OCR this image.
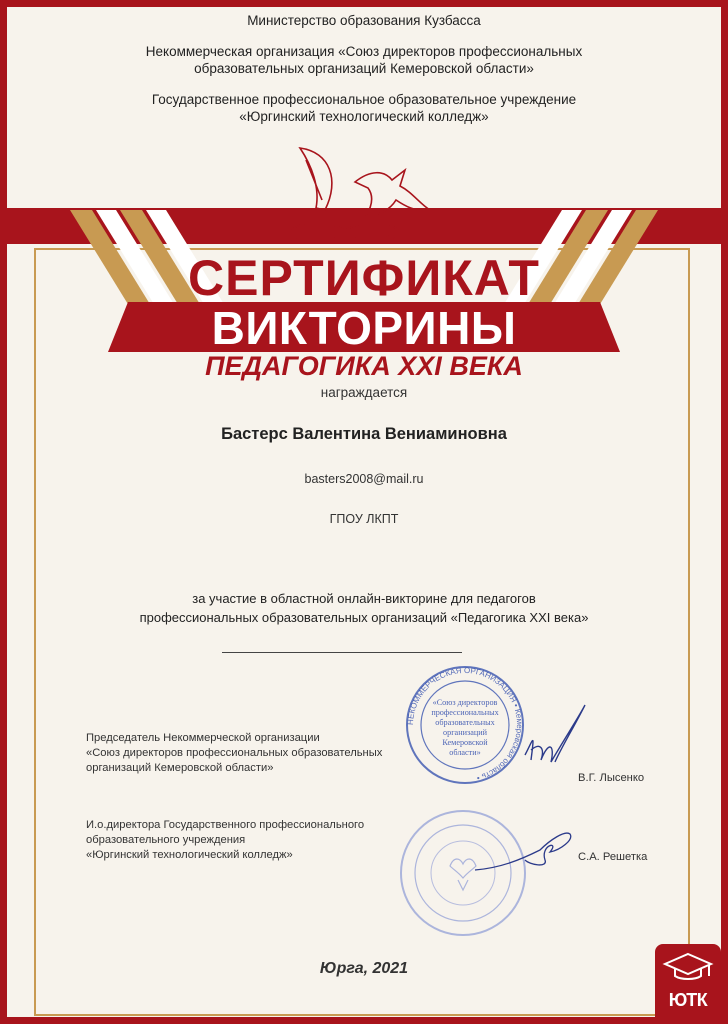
Министерство образования Кузбасса

Некоммерческая организация «Союз директоров профессиональных
образовательных организаций Кемеровской области»

Государственное профессиональное образовательное учреждение
«Юргинский технологический колледж»

СЕРТИФИКАТ
ВИКТОРИНЫ
ПЕДАГОГИКА XXI ВЕКА
награждается
Бастерс Валентина Вениаминовна
basters2008@mail.ru
ГПОУ ЛКПТ
за участие в областной онлайн-викторине для педагогов
профессиональных образовательных организаций «Педагогика XXI века»
НЕКОММЕРЧЕСКАЯ ОРГАНИЗАЦИЯ • Кемеровская область •
«Союз директоров
профессиональных
образовательных
организаций
Кемеровской
области»
Председатель Некоммерческой организации
«Союз директоров профессиональных образовательных
организаций Кемеровской области»
В.Г. Лысенко
И.о.директора Государственного профессионального
образовательного учреждения
«Юргинский технологический колледж»	С.А. Решетка
Юрга, 2021
ЮТК
